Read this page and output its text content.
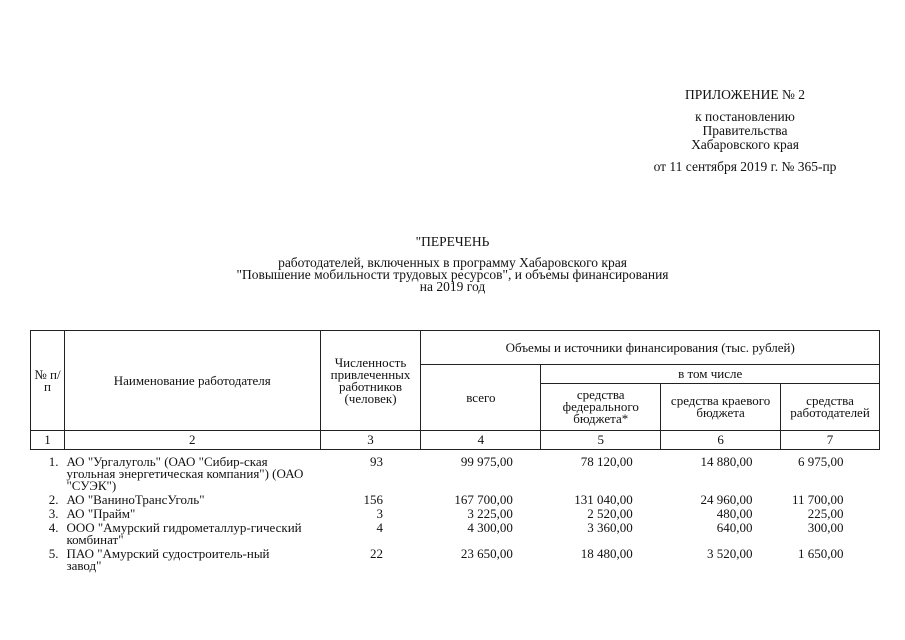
ПРИЛОЖЕНИЕ № 2
к постановлению
Правительства
Хабаровского края
от 11 сентября 2019 г. № 365-пр
"ПЕРЕЧЕНЬ
работодателей, включенных в программу Хабаровского края
"Повышение мобильности трудовых ресурсов", и объемы финансирования
на 2019 год
№ п/п	Наименование работодателя	Численность привлеченных работников (человек)	Объемы и источники финансирования (тыс. рублей)			
			всего	в том числе		
				средства федерального бюджета*	средства краевого бюджета	средства работодателей
1	2	3	4	5	6	7
1.	АО "Ургалуголь" (ОАО "Сибир-ская угольная энергетическая компания") (ОАО "СУЭК")	93	99 975,00	78 120,00	14 880,00	6 975,00
2.	АО "ВаниноТрансУголь"	156	167 700,00	131 040,00	24 960,00	11 700,00
3.	АО "Прайм"	3	3 225,00	2 520,00	480,00	225,00
4.	ООО "Амурский гидрометаллур-гический комбинат"	4	4 300,00	3 360,00	640,00	300,00
5.	ПАО "Амурский судостроитель-ный завод"	22	23 650,00	18 480,00	3 520,00	1 650,00
